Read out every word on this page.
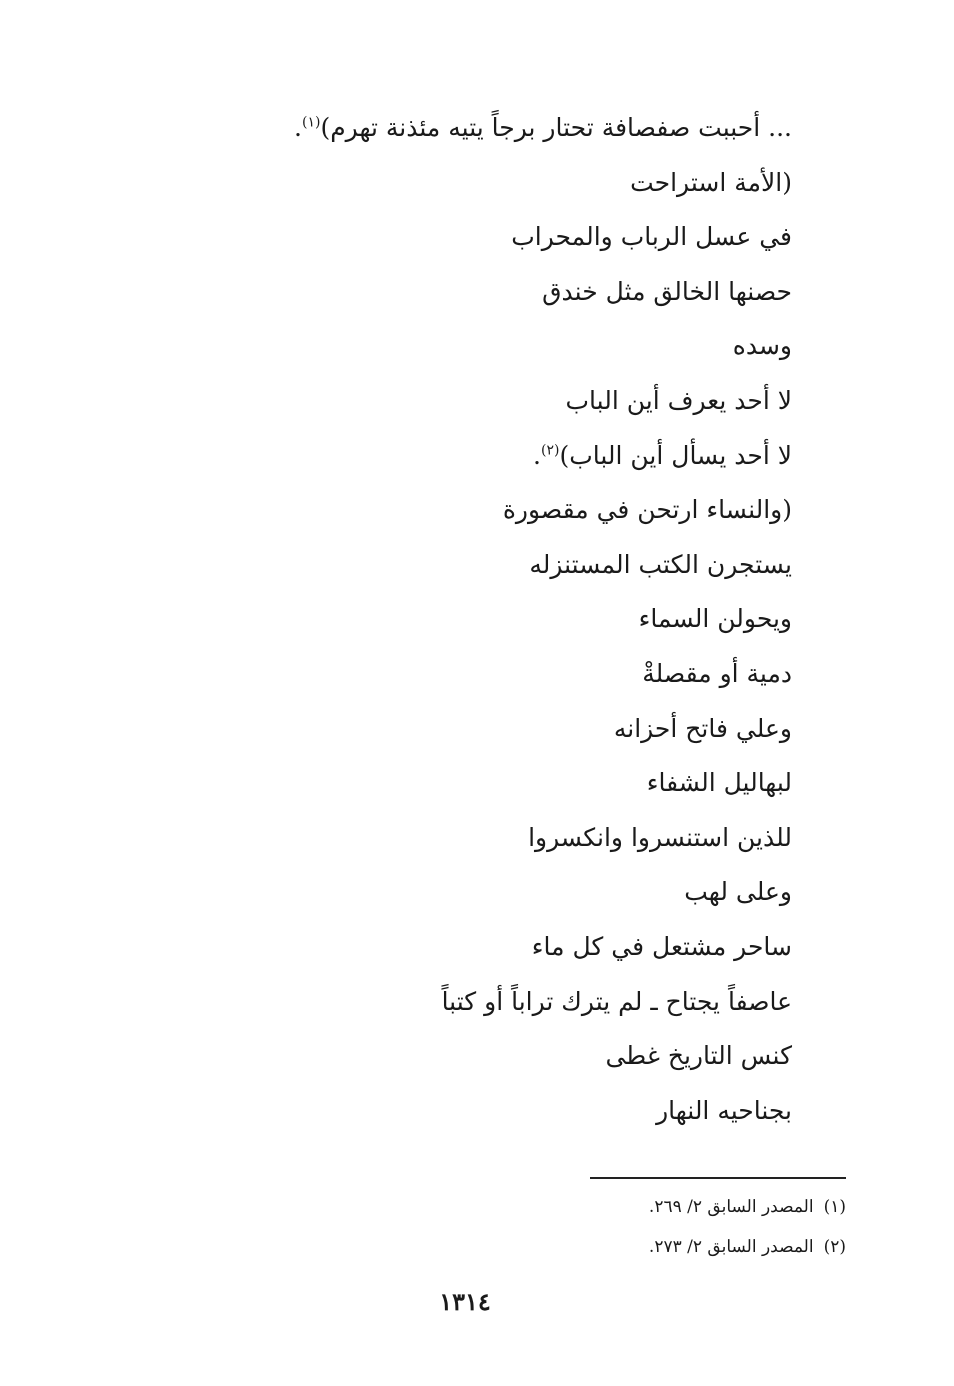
... أحببت صفصافة تحتار برجاً يتيه مئذنة تهرم)$^{(١)}$.
(الأمة استراحت
في عسل الرباب والمحراب
حصنها الخالق مثل خندق
وسده
لا أحد يعرف أين الباب
لا أحد يسأل أين الباب)$^{(٢)}$.
(والنساء ارتحن في مقصورة
يستجرن الكتب المستنزله
ويحولن السماء
دمية أو مقصلةْ
وعلي فاتح أحزانه
لبهاليل الشفاء
للذين استنسروا وانكسروا
وعلى لهب
ساحر مشتعل في كل ماء
عاصفاً يجتاح ـ لم يترك تراباً أو كتباً
كنس التاريخ غطى
بجناحيه النهار
(١)المصدر السابق ٢/ ٢٦٩.
(٢)المصدر السابق ٢/ ٢٧٣.
١٣١٤
